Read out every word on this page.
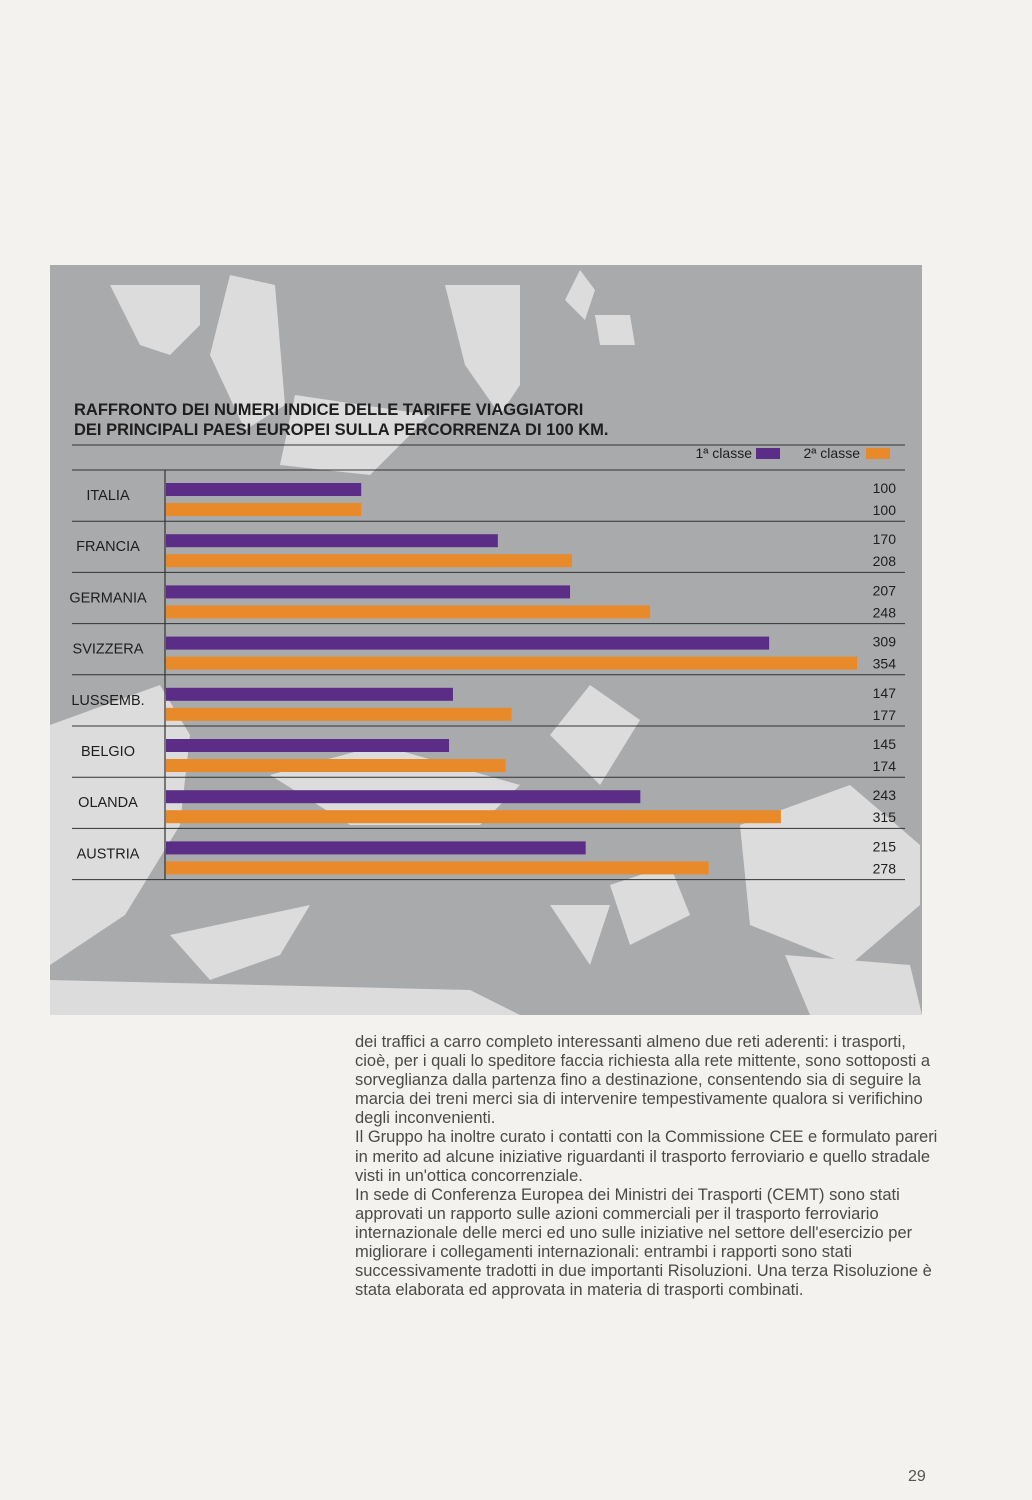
RAFFRONTO DEI NUMERI INDICE DELLE TARIFFE VIAGGIATORI
DEI PRINCIPALI PAESI EUROPEI SULLA PERCORRENZA DI 100 KM.
1ª classe	2ª classe
ITALIA
FRANCIA
GERMANIA
SVIZZERA
LUSSEMB.
BELGIO
OLANDA
AUSTRIA
100
100
170
208
207
248
309
354
147
177
145
174
243
315
215
278

dei traffici a carro completo interessanti almeno due reti aderenti: i trasporti, cioè, per i quali lo speditore faccia richiesta alla rete mittente, sono sottoposti a sorveglianza dalla partenza fino a destinazione, consentendo sia di seguire la marcia dei treni merci sia di intervenire tempestivamente qualora si verifichino degli inconvenienti.

Il Gruppo ha inoltre curato i contatti con la Commissione CEE e formulato pareri in merito ad alcune iniziative riguardanti il trasporto ferroviario e quello stradale visti in un'ottica concorrenziale.

In sede di Conferenza Europea dei Ministri dei Trasporti (CEMT) sono stati approvati un rapporto sulle azioni commerciali per il trasporto ferroviario internazionale delle merci ed uno sulle iniziative nel settore dell'esercizio per migliorare i collegamenti internazionali: entrambi i rapporti sono stati successivamente tradotti in due importanti Risoluzioni. Una terza Risoluzione è stata elaborata ed approvata in materia di trasporti combinati.

29
